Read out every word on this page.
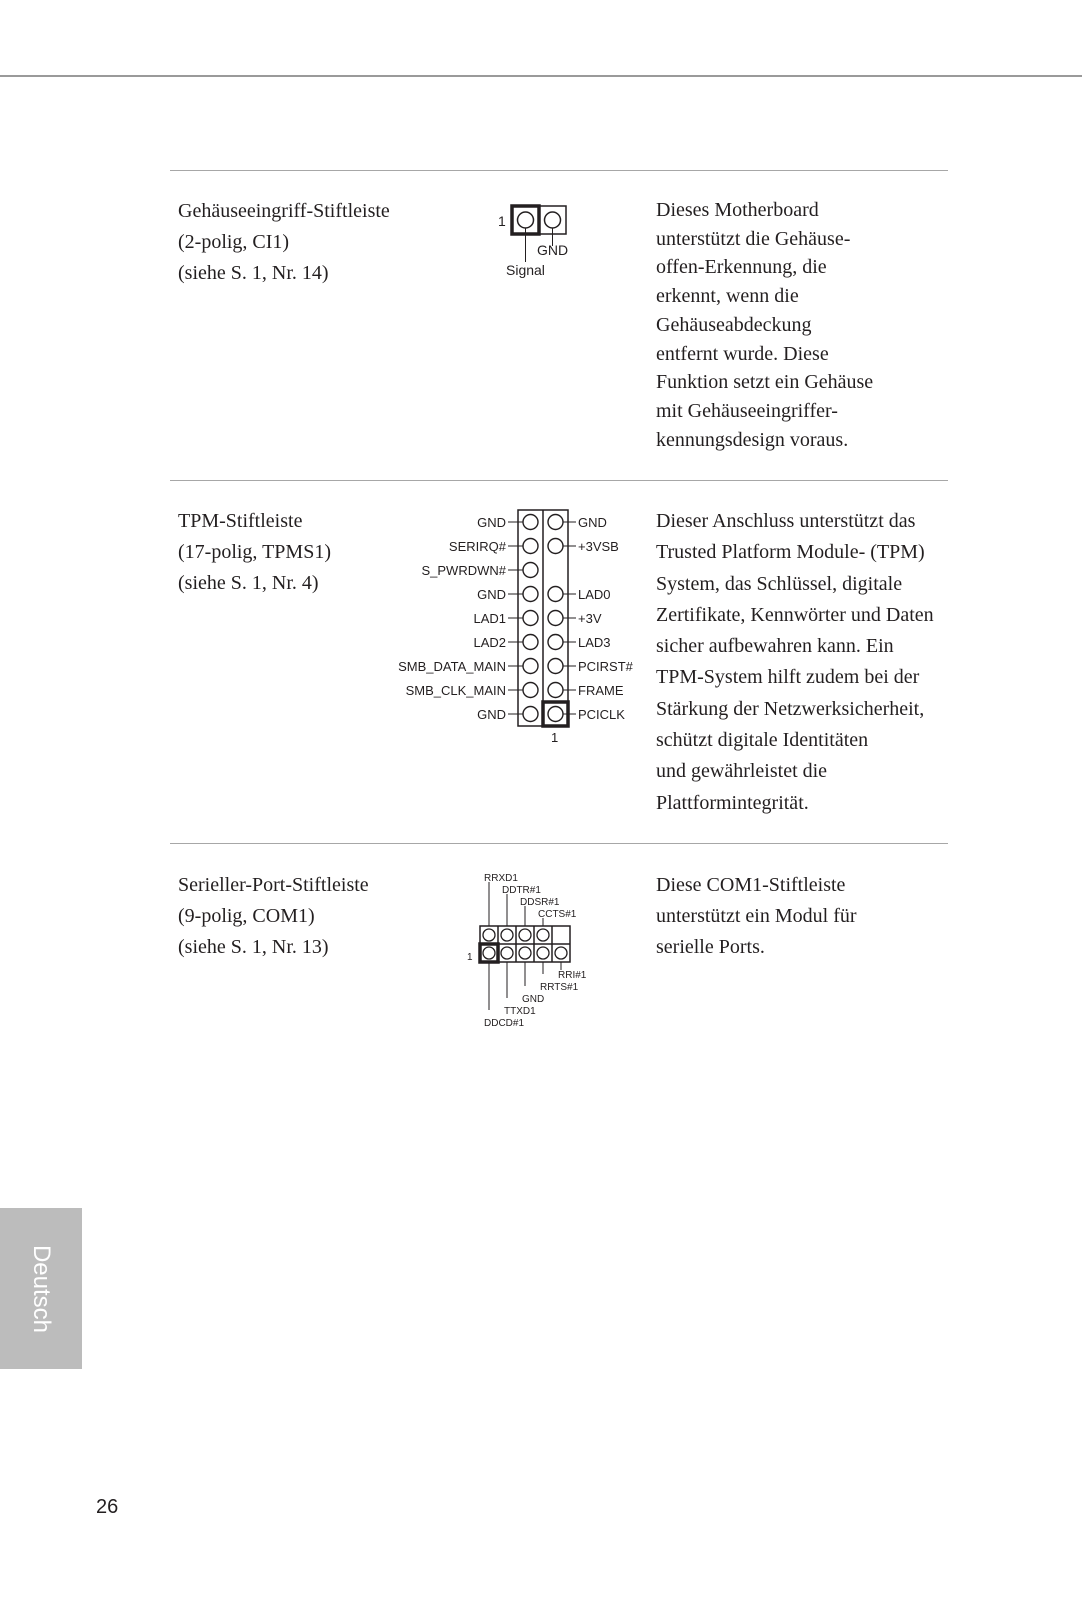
Gehäuseeingriff-Stiftleiste
(2-polig, CI1)
(siehe S. 1, Nr. 14)
1
GND
Signal
Dieses Motherboard
unterstützt die Gehäuse-
offen-Erkennung, die
erkennt, wenn die
Gehäuseabdeckung
entfernt wurde. Diese
Funktion setzt ein Gehäuse
mit Gehäuseeingriffer-
kennungsdesign voraus.
TPM-Stiftleiste
(17-polig, TPMS1)
(siehe S. 1, Nr. 4)
GND	GND
SERIRQ#	+3VSB
S_PWRDWN#
GND	LAD0
LAD1	+3V
LAD2	LAD3
SMB_DATA_MAIN	PCIRST#
SMB_CLK_MAIN	FRAME
GND	PCICLK
1
Dieser Anschluss unterstützt das
Trusted Platform Module- (TPM)
System, das Schlüssel, digitale
Zertifikate, Kennwörter und Daten
sicher aufbewahren kann. Ein
TPM-System hilft zudem bei der
Stärkung der Netzwerksicherheit,
schützt digitale Identitäten
und gewährleistet die
Plattformintegrität.
Serieller-Port-Stiftleiste
(9-polig, COM1)
(siehe S. 1, Nr. 13)
RRXD1
DDTR#1
DDSR#1
CCTS#1
1
RRI#1
RRTS#1
GND
TTXD1
DDCD#1
Diese COM1-Stiftleiste
unterstützt ein Modul für
serielle Ports.
Deutsch
26
